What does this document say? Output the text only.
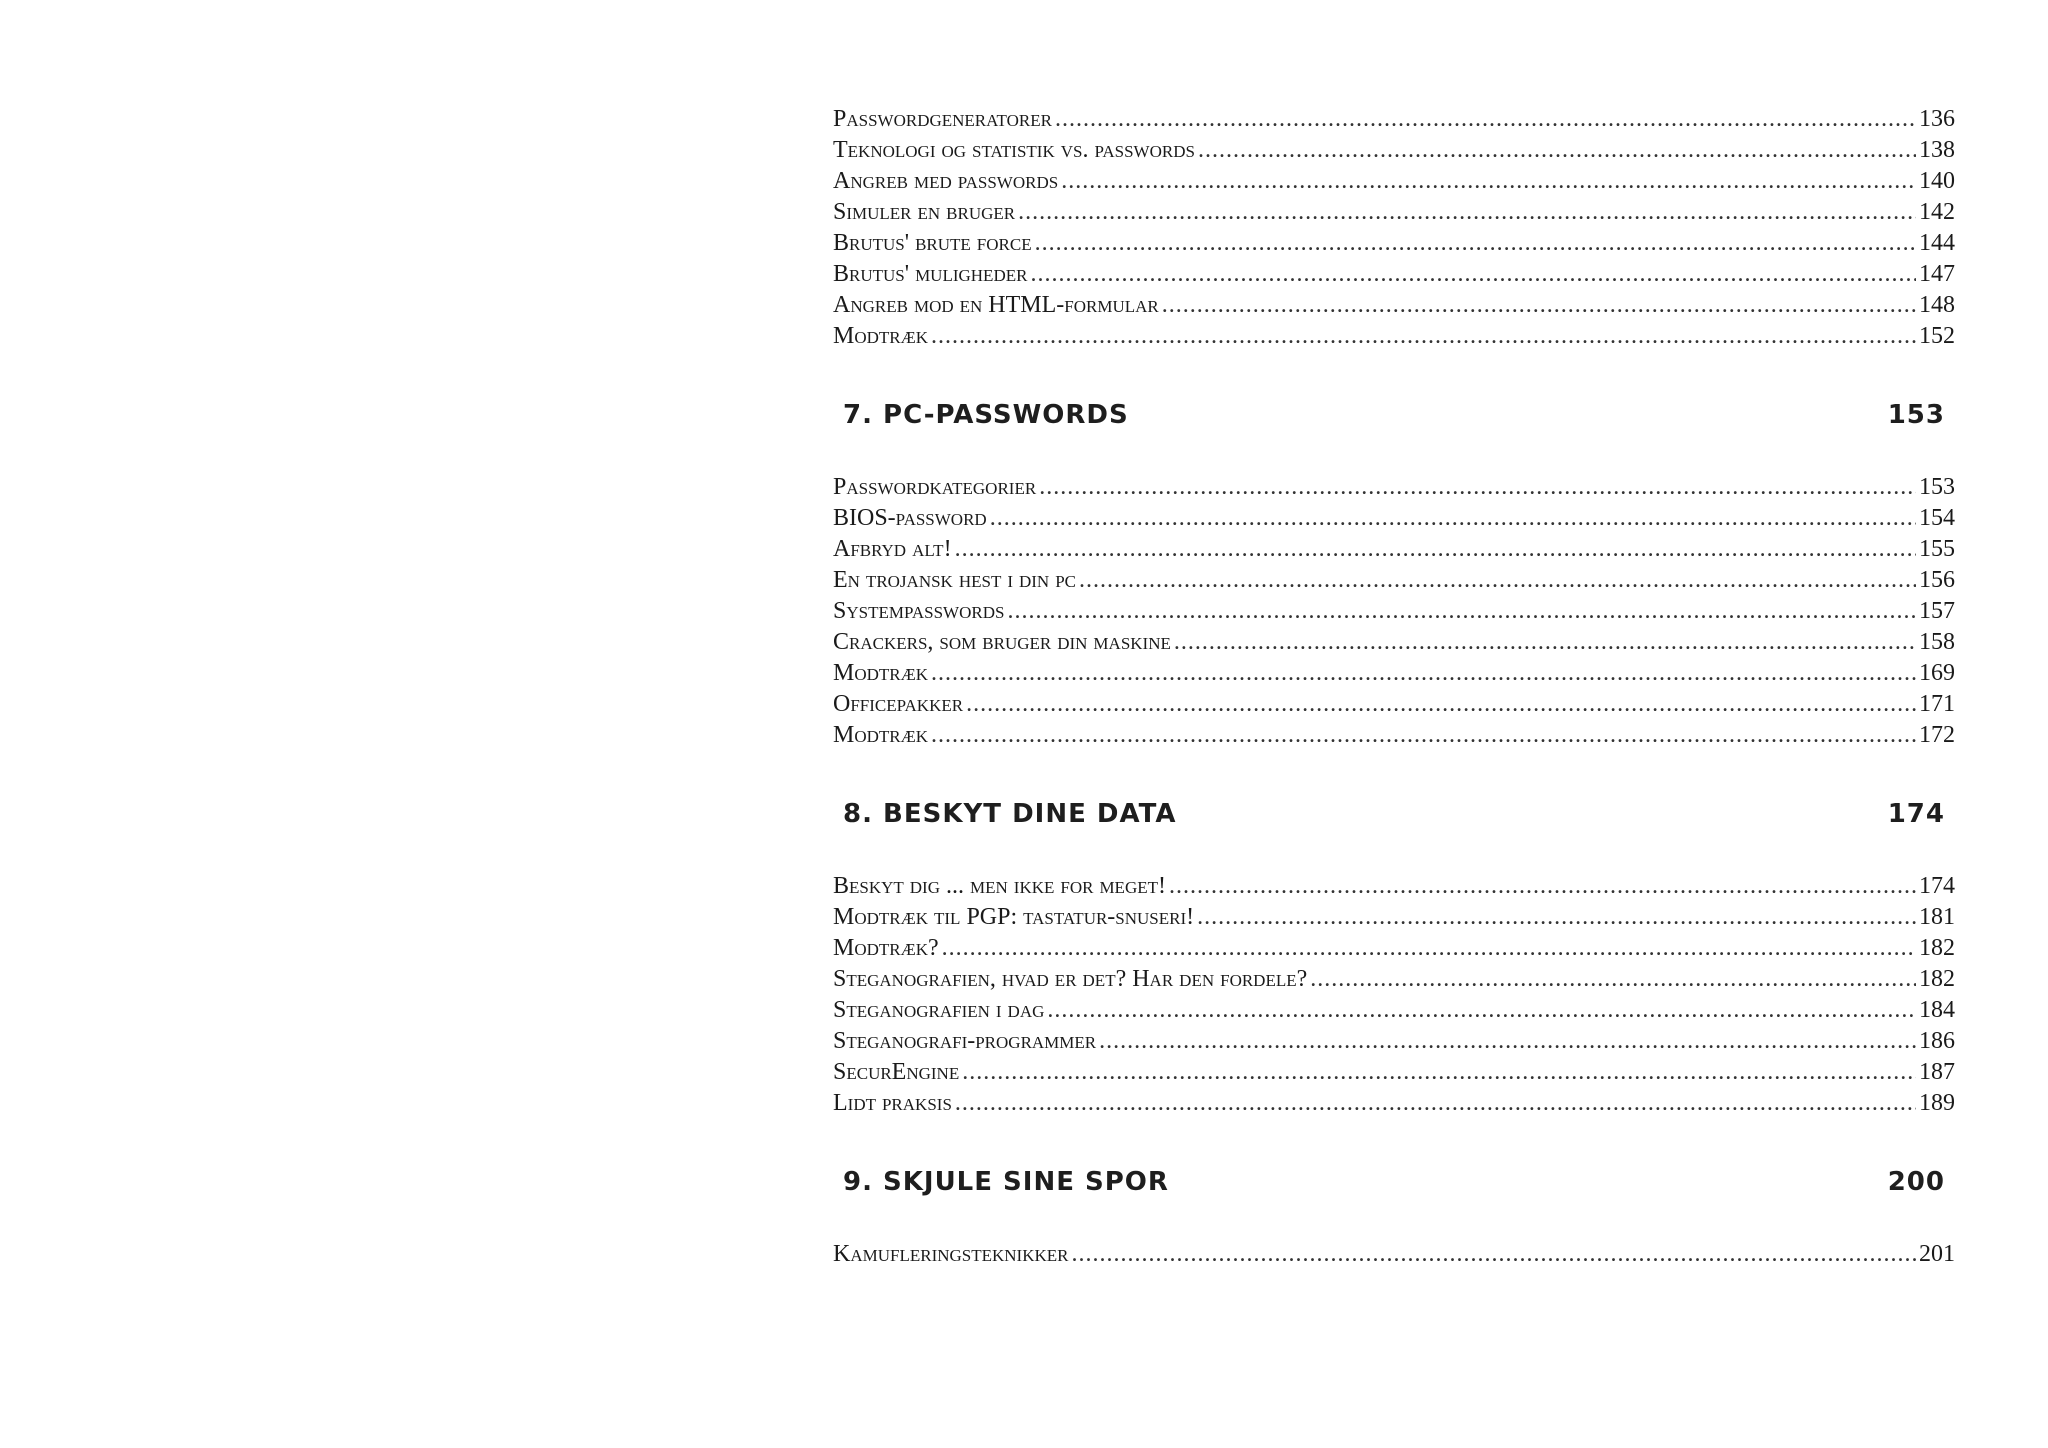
Passwordgeneratorer .....	136
Teknologi og statistik vs. passwords .....	138
Angreb med passwords .....	140
Simuler en bruger .....	142
Brutus' brute force .....	144
Brutus' muligheder .....	147
Angreb mod en HTML-formular .....	148
Modtræk .....	152
7. PC-PASSWORDS	153
Passwordkategorier .....	153
BIOS-password .....	154
Afbryd alt! .....	155
En trojansk hest i din pc .....	156
Systempasswords .....	157
Crackers, som bruger din maskine .....	158
Modtræk .....	169
Officepakker .....	171
Modtræk .....	172
8. BESKYT DINE DATA	174
Beskyt dig ... men ikke for meget! .....	174
Modtræk til PGP: tastatur-snuseri! .....	181
Modtræk? .....	182
Steganografien, hvad er det? Har den fordele? .....	182
Steganografien i dag .....	184
Steganografi-programmer .....	186
SecurEngine .....	187
Lidt praksis .....	189
9. SKJULE SINE SPOR	200
Kamufleringsteknikker .....	201
